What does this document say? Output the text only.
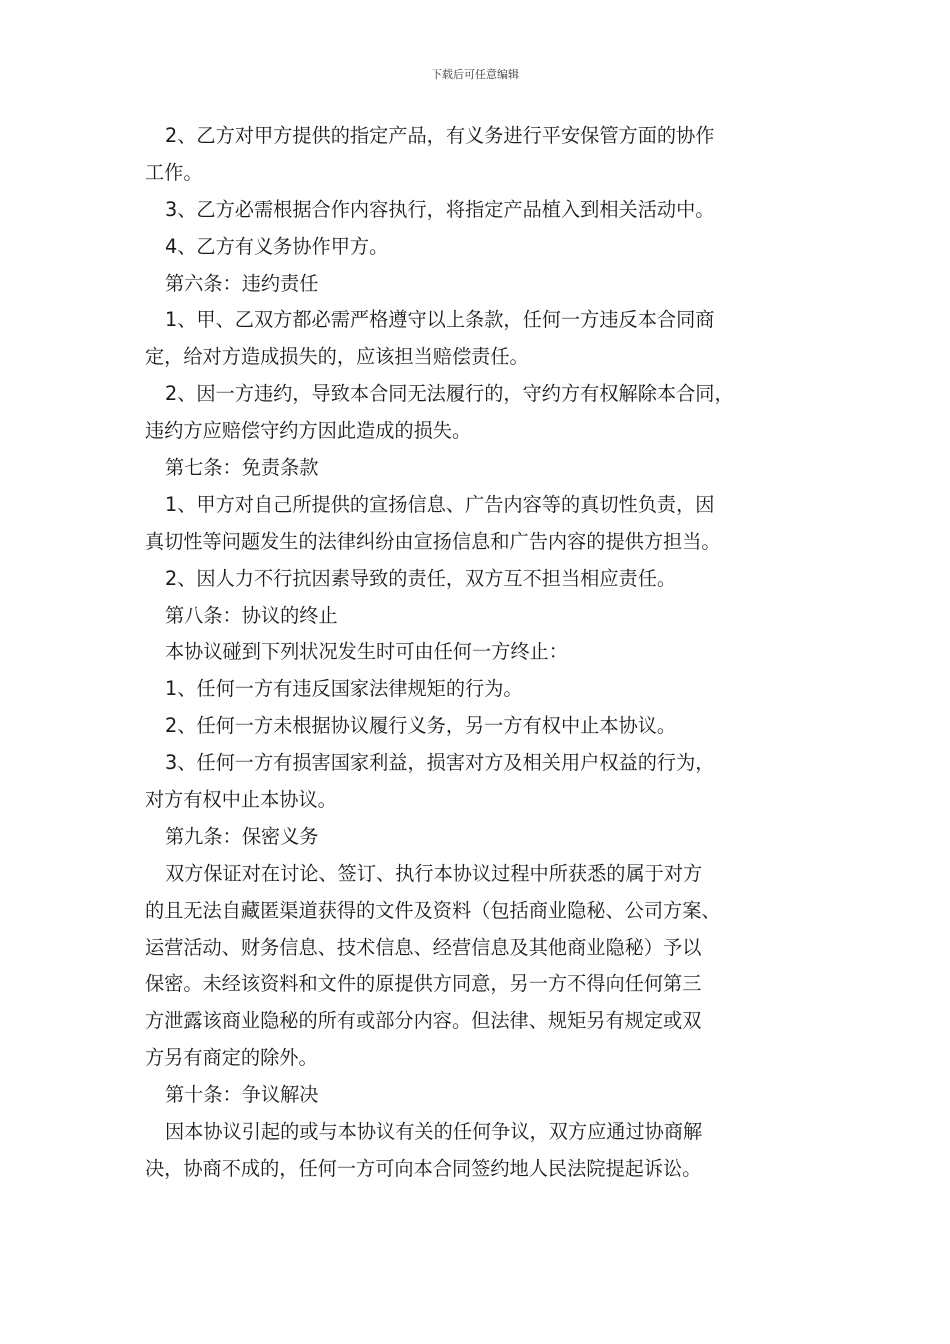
下载后可任意编辑
2、乙方对甲方提供的指定产品，有义务进行平安保管方面的协作
工作。
3、乙方必需根据合作内容执行，将指定产品植入到相关活动中。
4、乙方有义务协作甲方。
第六条：违约责任
1、甲、乙双方都必需严格遵守以上条款，任何一方违反本合同商
定，给对方造成损失的，应该担当赔偿责任。
2、因一方违约，导致本合同无法履行的，守约方有权解除本合同，
违约方应赔偿守约方因此造成的损失。
第七条：免责条款
1、甲方对自己所提供的宣扬信息、广告内容等的真切性负责，因
真切性等问题发生的法律纠纷由宣扬信息和广告内容的提供方担当。
2、因人力不行抗因素导致的责任，双方互不担当相应责任。
第八条：协议的终止
本协议碰到下列状况发生时可由任何一方终止：
1、任何一方有违反国家法律规矩的行为。
2、任何一方未根据协议履行义务，另一方有权中止本协议。
3、任何一方有损害国家利益，损害对方及相关用户权益的行为，
对方有权中止本协议。
第九条：保密义务
双方保证对在讨论、签订、执行本协议过程中所获悉的属于对方
的且无法自藏匿渠道获得的文件及资料（包括商业隐秘、公司方案、
运营活动、财务信息、技术信息、经营信息及其他商业隐秘）予以
保密。未经该资料和文件的原提供方同意，另一方不得向任何第三
方泄露该商业隐秘的所有或部分内容。但法律、规矩另有规定或双
方另有商定的除外。
第十条：争议解决
因本协议引起的或与本协议有关的任何争议，双方应通过协商解
决，协商不成的，任何一方可向本合同签约地人民法院提起诉讼。
